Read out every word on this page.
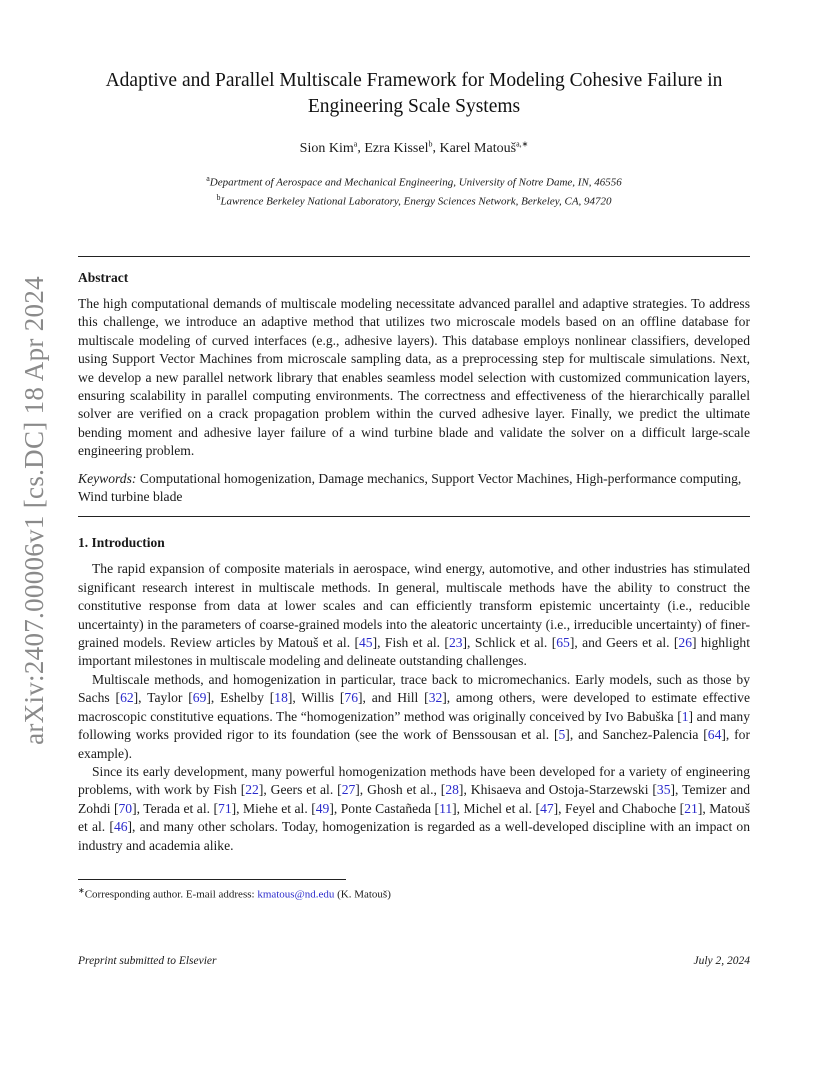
arXiv:2407.00006v1 [cs.DC] 18 Apr 2024
Adaptive and Parallel Multiscale Framework for Modeling Cohesive Failure in Engineering Scale Systems
Sion Kim$^a$, Ezra Kissel$^b$, Karel Matouš$^{a,∗}$
$^a$Department of Aerospace and Mechanical Engineering, University of Notre Dame, IN, 46556
$^b$Lawrence Berkeley National Laboratory, Energy Sciences Network, Berkeley, CA, 94720
Abstract
The high computational demands of multiscale modeling necessitate advanced parallel and adaptive strategies. To address this challenge, we introduce an adaptive method that utilizes two microscale models based on an offline database for multiscale modeling of curved interfaces (e.g., adhesive layers). This database employs nonlinear classifiers, developed using Support Vector Machines from microscale sampling data, as a preprocessing step for multiscale simulations. Next, we develop a new parallel network library that enables seamless model selection with customized communication layers, ensuring scalability in parallel computing environments. The correctness and effectiveness of the hierarchically parallel solver are verified on a crack propagation problem within the curved adhesive layer. Finally, we predict the ultimate bending moment and adhesive layer failure of a wind turbine blade and validate the solver on a difficult large-scale engineering problem.
Keywords: Computational homogenization, Damage mechanics, Support Vector Machines, High-performance computing, Wind turbine blade
1. Introduction

The rapid expansion of composite materials in aerospace, wind energy, automotive, and other industries has stimulated significant research interest in multiscale methods. In general, multiscale methods have the ability to construct the constitutive response from data at lower scales and can efficiently transform epistemic uncertainty (i.e., reducible uncertainty) in the parameters of coarse-grained models into the aleatoric uncertainty (i.e., irreducible uncertainty) of finer-grained models. Review articles by Matouš et al. [45], Fish et al. [23], Schlick et al. [65], and Geers et al. [26] highlight important milestones in multiscale modeling and delineate outstanding challenges.

Multiscale methods, and homogenization in particular, trace back to micromechanics. Early models, such as those by Sachs [62], Taylor [69], Eshelby [18], Willis [76], and Hill [32], among others, were developed to estimate effective macroscopic constitutive equations. The “homogenization” method was originally conceived by Ivo Babuška [1] and many following works provided rigor to its foundation (see the work of Benssousan et al. [5], and Sanchez-Palencia [64], for example).

Since its early development, many powerful homogenization methods have been developed for a variety of engineering problems, with work by Fish [22], Geers et al. [27], Ghosh et al., [28], Khisaeva and Ostoja-Starzewski [35], Temizer and Zohdi [70], Terada et al. [71], Miehe et al. [49], Ponte Castañeda [11], Michel et al. [47], Feyel and Chaboche [21], Matouš et al. [46], and many other scholars. Today, homogenization is regarded as a well-developed discipline with an impact on industry and academia alike.

∗Corresponding author. E-mail address: kmatous@nd.edu (K. Matouš)
Preprint submitted to Elsevier	July 2, 2024
